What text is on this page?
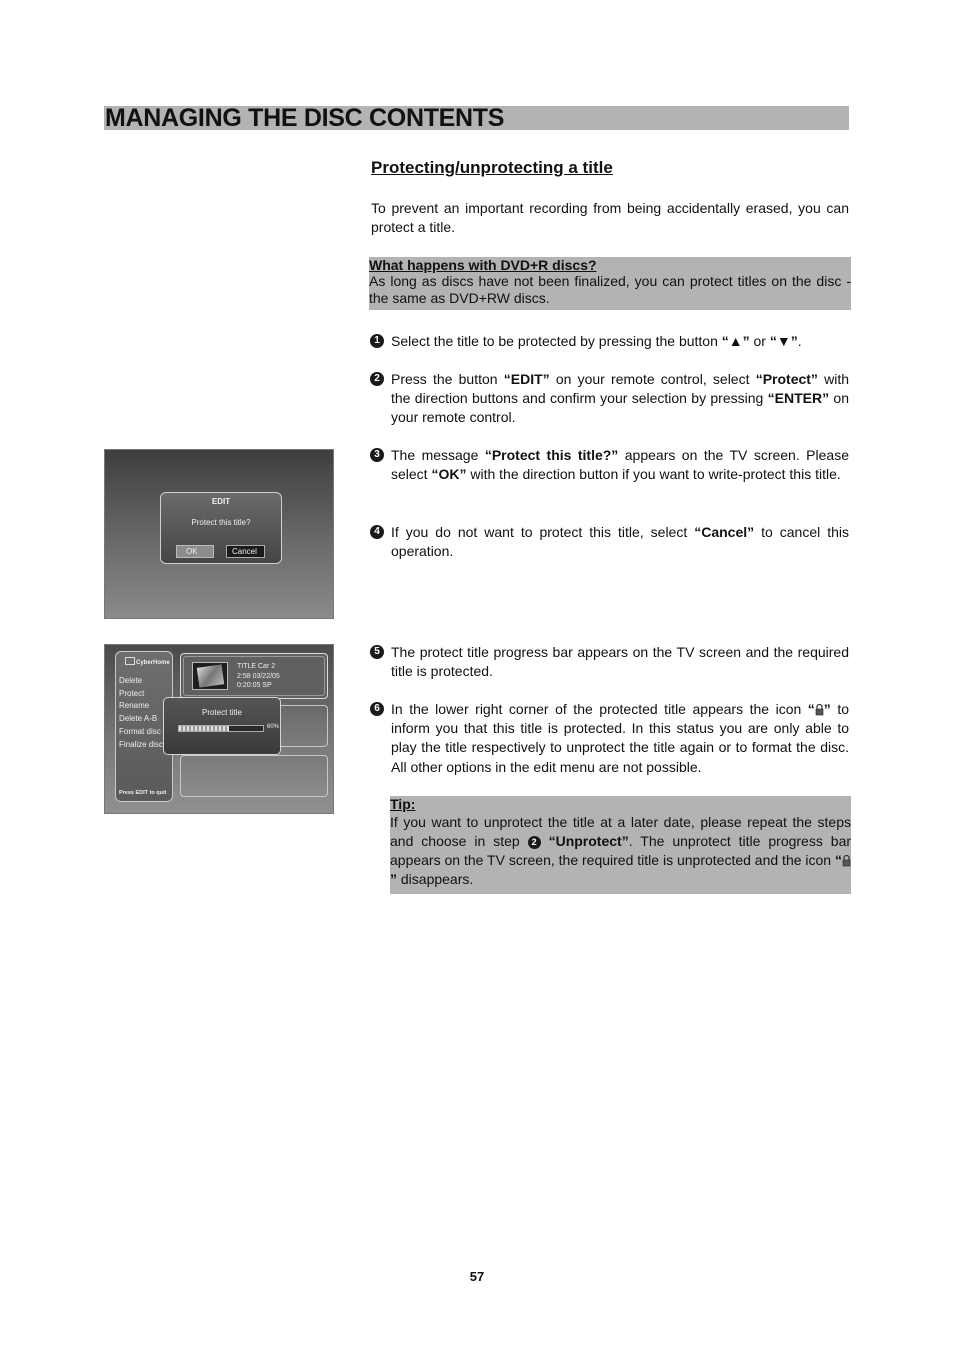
MANAGING THE DISC CONTENTS
Protecting/unprotecting a title
To prevent an important recording from being accidentally erased, you can protect a title.
What happens with DVD+R discs?
As long as discs have not been finalized, you can protect titles on the disc - the same as DVD+RW discs.
1 Select the title to be protected by pressing the button “▲” or “▼”.
2 Press the button “EDIT” on your remote control, select “Protect” with the direction buttons and confirm your selection by pressing “ENTER” on your remote control.
3 The message “Protect this title?” appears on the TV screen. Please select “OK” with the direction button if you want to write-protect this title.
4 If you do not want to protect this title, select “Cancel” to cancel this operation.
5 The protect title progress bar appears on the TV screen and the required title is protected.
6 In the lower right corner of the protected title appears the icon “ ” to inform you that this title is protected. In this status you are only able to play the title respectively to unprotect the title again or to format the disc. All other options in the edit menu are not possible.
Tip:
If you want to unprotect the title at a later date, please repeat the steps and choose in step 2 “Unprotect”. The unprotect title progress bar appears on the TV screen, the required title is unprotected and the icon “” disappears.
EDIT
Protect this title?
OK	Cancel
CyberHome
Delete
Protect
Rename
Delete A-B
Format disc
Finalize disc
Press EDIT to quit
TITLE Car 2
2:58 03/22/05
0:20:05 SP
Protect title
60%
57
